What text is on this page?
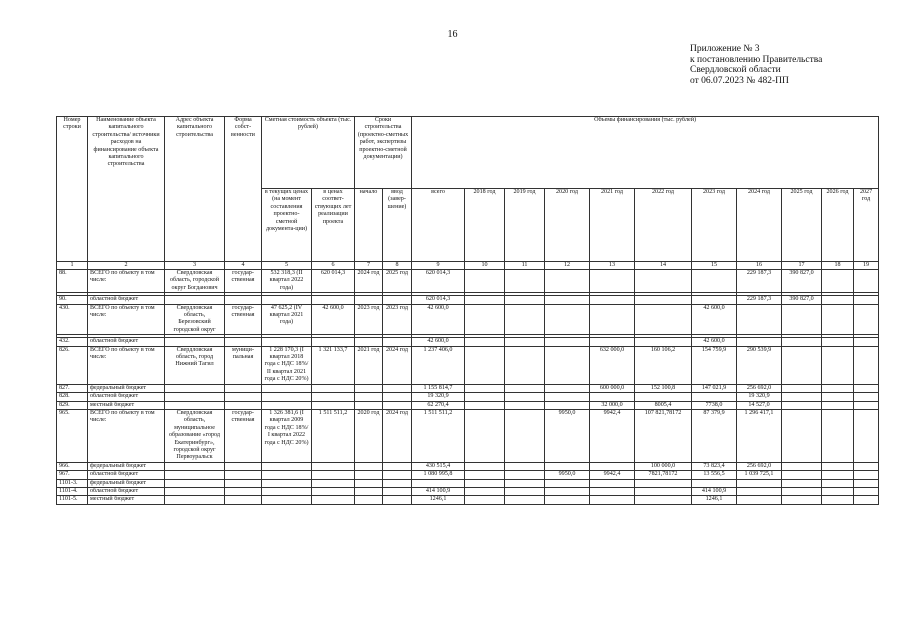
16
Приложение № 3
к постановлению Правительства
Свердловской области
от 06.07.2023 № 482-ПП
Номер строки	Наименование объекта капитального строительства/ источники расходов на финансирование объекта капитального строительства	Адрес объекта капитального строительства	Форма собст-венности	Сметная стоимость объекта (тыс. рублей)		Сроки строительства (проектно-сметных работ, экспертизы проектно-сметной документации)		Объемы финансирования (тыс. рублей)										
				в текущих ценах (на момент составления проектно-сметной документа-ции)	в ценах соответ-ствующих лет реализации проекта	начало	ввод (завер-шение)	всего	2018 год	2019 год	2020 год	2021 год	2022 год	2023 год	2024 год	2025 год	2026 год	2027 год
1	2	3	4	5	6	7	8	9	10	11	12	13	14	15	16	17	18	19
88.	ВСЕГО по объекту в том числе:	Свердловская область, городской округ Богданович	государ-ственная	532 318,3 (II квартал 2022 года)	620 014,3	2024 год	2025 год	620 014,3							229 187,3	390 827,0		

90.	областной бюджет							620 014,3							229 187,3	390 827,0		
430.	ВСЕГО по объекту в том числе:	Свердловская область, Березовский городской округ	государ-ственная	47 625,2 (IV квартал 2021 года)	42 600,0	2023 год	2023 год	42 600,0						42 600,0				

432.	областной бюджет							42 600,0						42 600,0				
826.	ВСЕГО по объекту в том числе:	Свердловская область, город Нижний Тагил	муници-пальная	1 228 170,3 (I квартал 2018 года с НДС 18%/ II квартал 2021 года с НДС 20%)	1 321 133,7	2021 год	2024 год	1 237 406,0				632 000,0	160 106,2	154 759,9	290 539,9			
827.	федеральный бюджет							1 155 814,7				600 000,0	152 100,8	147 021,9	256 692,0			
828.	областной бюджет							19 320,9							19 320,9			
829.	местный бюджет							62 270,4				32 000,0	8005,4	7738,0	14 527,0			
965.	ВСЕГО по объекту в том числе:	Свердловская область, муниципальное образование «город Екатеринбург», городской округ Первоуральск	государ-ственная	1 326 381,6 (I квартал 2009 года с НДС 18%/ I квартал 2022 года с НДС 20%)	1 511 511,2	2020 год	2024 год	1 511 511,2			9950,0	9942,4	107 821,78172	87 379,9	1 296 417,1			
966.	федеральный бюджет							430 515,4					100 000,0	73 823,4	256 692,0			
967.	областной бюджет							1 080 995,8			9950,0	9942,4	7821,78172	13 556,5	1 039 725,1			
1101-3.	федеральный бюджет																	
1101-4.	областной бюджет							414 100,9						414 100,9				
1101-5.	местный бюджет							1246,1						1246,1				
